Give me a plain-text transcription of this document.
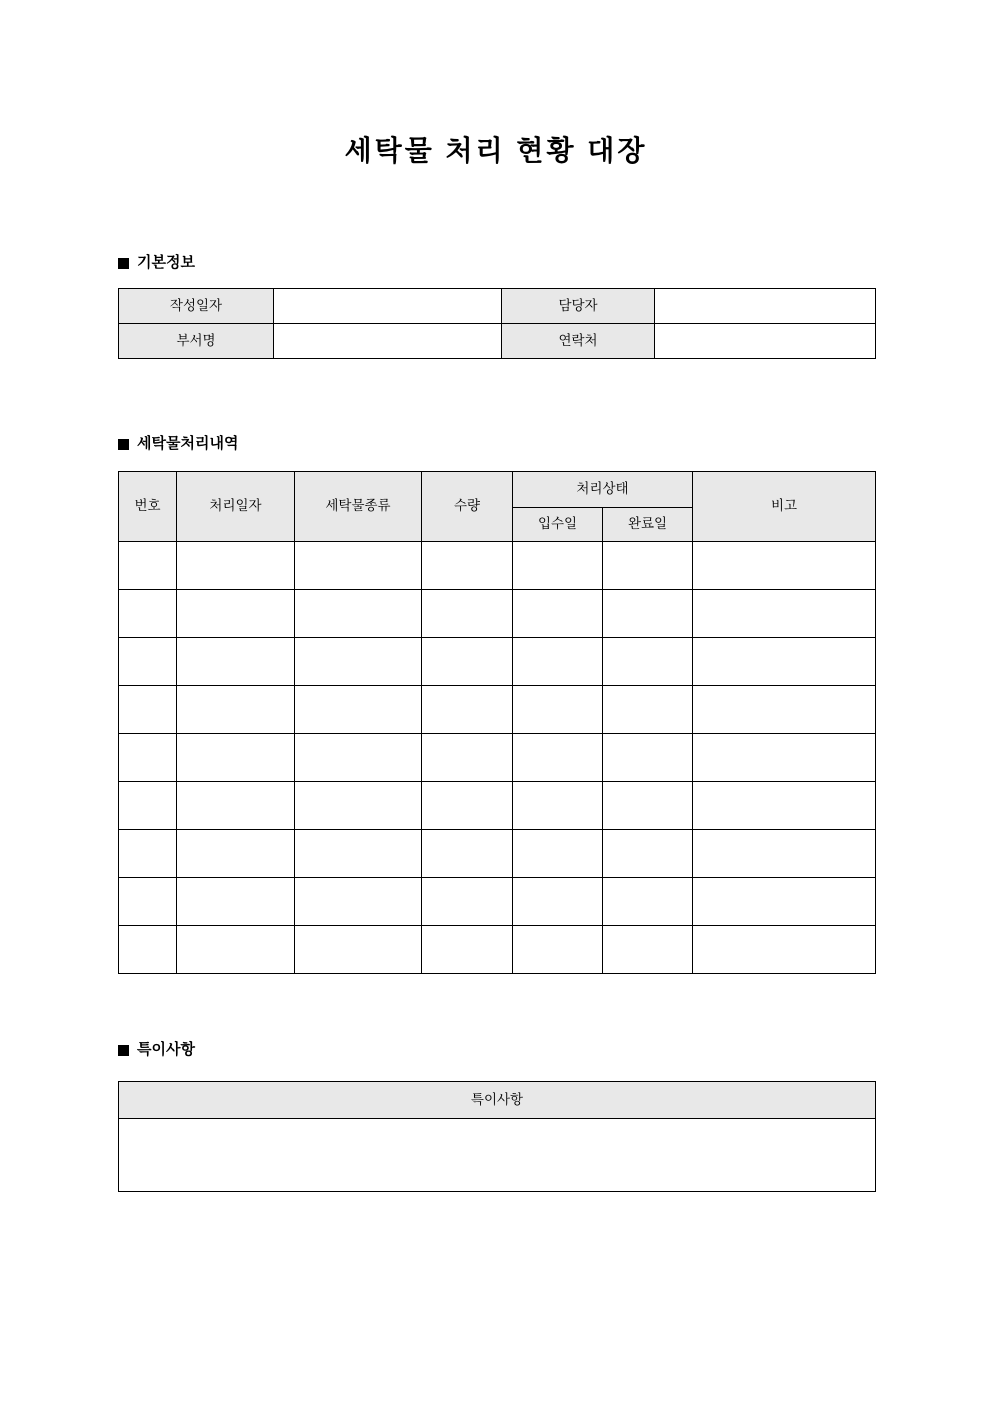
세탁물 처리 현황 대장
기본정보
작성일자		담당자	
부서명		연락처	
세탁물처리내역
번호	처리일자	세탁물종류	수량	처리상태		비고
				입수일	완료일	

특이사항
특이사항
